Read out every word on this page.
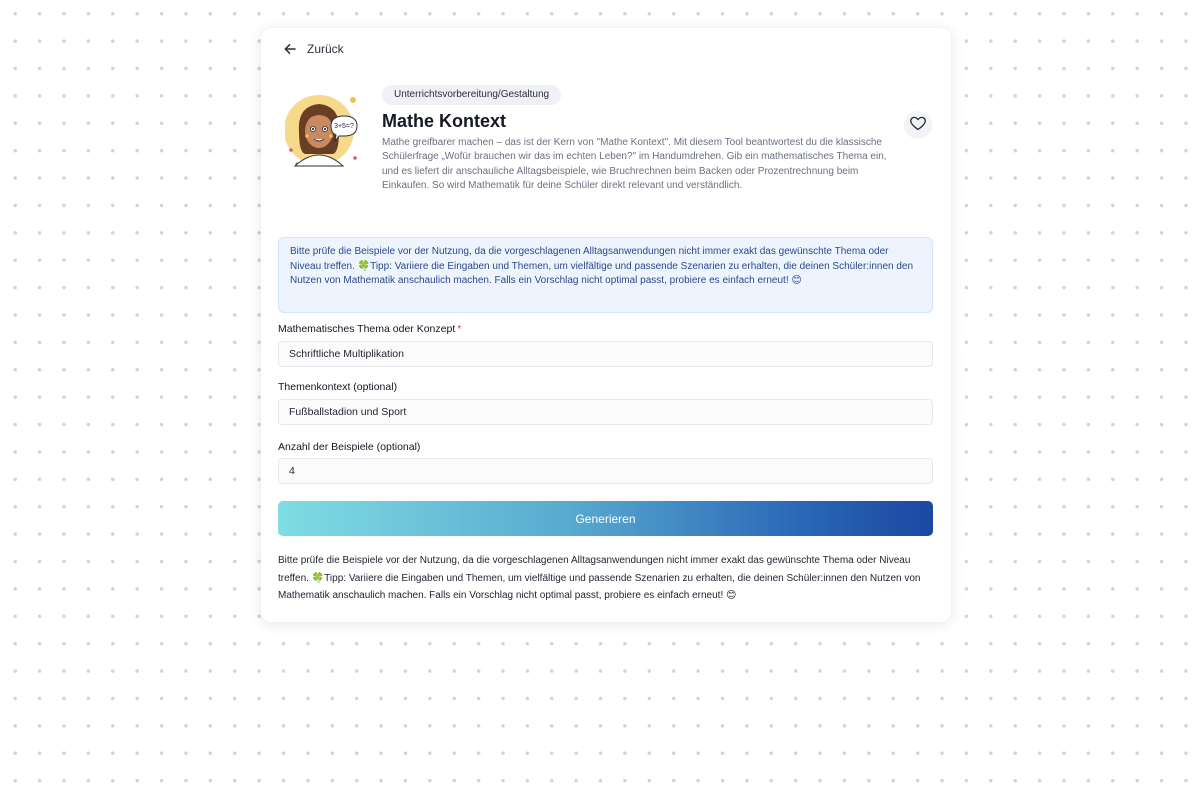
Zurück
3+5=?
Unterrichtsvorbereitung/Gestaltung
Mathe Kontext
Mathe greifbarer machen – das ist der Kern von "Mathe Kontext". Mit diesem Tool beantwortest du die klassische Schülerfrage „Wofür brauchen wir das im echten Leben?" im Handumdrehen. Gib ein mathematisches Thema ein, und es liefert dir anschauliche Alltagsbeispiele, wie Bruchrechnen beim Backen oder Prozentrechnung beim Einkaufen. So wird Mathematik für deine Schüler direkt relevant und verständlich.
Bitte prüfe die Beispiele vor der Nutzung, da die vorgeschlagenen Alltagsanwendungen nicht immer exakt das gewünschte Thema oder Niveau treffen. 🍀Tipp: Variiere die Eingaben und Themen, um vielfältige und passende Szenarien zu erhalten, die deinen Schüler:innen den Nutzen von Mathematik anschaulich machen. Falls ein Vorschlag nicht optimal passt, probiere es einfach erneut! 😊
Mathematisches Thema oder Konzept *
Schriftliche Multiplikation
Themenkontext (optional)
Fußballstadion und Sport
Anzahl der Beispiele (optional)
4
Generieren
Bitte prüfe die Beispiele vor der Nutzung, da die vorgeschlagenen Alltagsanwendungen nicht immer exakt das gewünschte Thema oder Niveau treffen. 🍀Tipp: Variiere die Eingaben und Themen, um vielfältige und passende Szenarien zu erhalten, die deinen Schüler:innen den Nutzen von Mathematik anschaulich machen. Falls ein Vorschlag nicht optimal passt, probiere es einfach erneut! 😊
